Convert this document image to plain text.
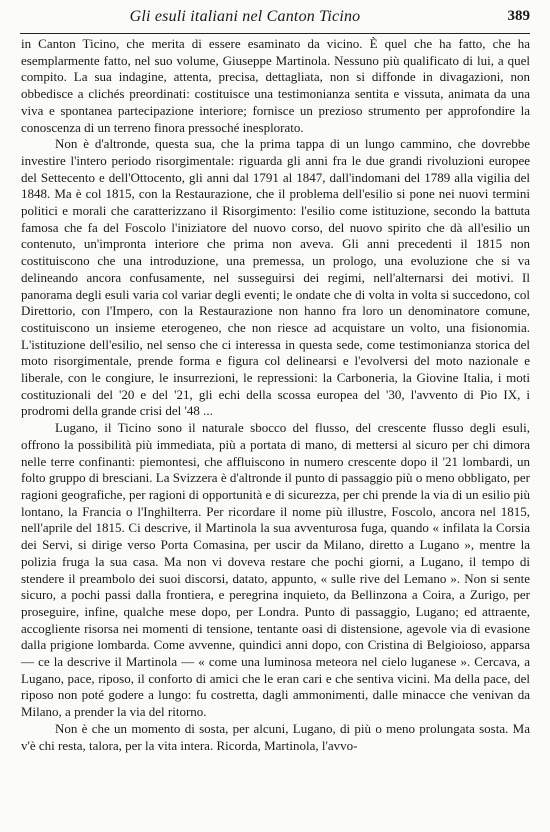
Gli esuli italiani nel Canton Ticino	389

in Canton Ticino, che merita di essere esaminato da vicino. È quel che ha fatto, che ha esemplarmente fatto, nel suo volume, Giuseppe Martinola. Nessuno più qualificato di lui, a quel compito. La sua indagine, attenta, precisa, dettagliata, non si diffonde in divagazioni, non obbedisce a clichés preordinati: costituisce una testimonianza sentita e vissuta, animata da una viva e spontanea partecipazione interiore; fornisce un prezioso strumento per approfondire la conoscenza di un terreno finora pressoché inesplorato.

Non è d'altronde, questa sua, che la prima tappa di un lungo cammino, che dovrebbe investire l'intero periodo risorgimentale: riguarda gli anni fra le due grandi rivoluzioni europee del Settecento e dell'Ottocento, gli anni dal 1791 al 1847, dall'indomani del 1789 alla vigilia del 1848. Ma è col 1815, con la Restaurazione, che il problema dell'esilio si pone nei nuovi termini politici e morali che caratterizzano il Risorgimento: l'esilio come istituzione, secondo la battuta famosa che fa del Foscolo l'iniziatore del nuovo corso, del nuovo spirito che dà all'esilio un contenuto, un'impronta interiore che prima non aveva. Gli anni precedenti il 1815 non costituiscono che una introduzione, una premessa, un prologo, una evoluzione che si va delineando ancora confusamente, nel susseguirsi dei regimi, nell'alternarsi dei motivi. Il panorama degli esuli varia col variar degli eventi; le ondate che di volta in volta si succedono, col Direttorio, con l'Impero, con la Restaurazione non hanno fra loro un denominatore comune, costituiscono un insieme eterogeneo, che non riesce ad acquistare un volto, una fisionomia. L'istituzione dell'esilio, nel senso che ci interessa in questa sede, come testimonianza storica del moto risorgimentale, prende forma e figura col delinearsi e l'evolversi del moto nazionale e liberale, con le congiure, le insurrezioni, le repressioni: la Carboneria, la Giovine Italia, i moti costituzionali del '20 e del '21, gli echi della scossa europea del '30, l'avvento di Pio IX, i prodromi della grande crisi del '48 ...

Lugano, il Ticino sono il naturale sbocco del flusso, del crescente flusso degli esuli, offrono la possibilità più immediata, più a portata di mano, di mettersi al sicuro per chi dimora nelle terre confinanti: piemontesi, che affluiscono in numero crescente dopo il '21 lombardi, un folto gruppo di bresciani. La Svizzera è d'altronde il punto di passaggio più o meno obbligato, per ragioni geografiche, per ragioni di opportunità e di sicurezza, per chi prende la via di un esilio più lontano, la Francia o l'Inghilterra. Per ricordare il nome più illustre, Foscolo, ancora nel 1815, nell'aprile del 1815. Ci descrive, il Martinola la sua avventurosa fuga, quando « infilata la Corsia dei Servi, si dirige verso Porta Comasina, per uscir da Milano, diretto a Lugano », mentre la polizia fruga la sua casa. Ma non vi doveva restare che pochi giorni, a Lugano, il tempo di stendere il preambolo dei suoi discorsi, datato, appunto, « sulle rive del Lemano ». Non si sente sicuro, a pochi passi dalla frontiera, e peregrina inquieto, da Bellinzona a Coira, a Zurigo, per proseguire, infine, qualche mese dopo, per Londra. Punto di passaggio, Lugano; ed attraente, accogliente risorsa nei momenti di tensione, tentante oasi di distensione, agevole via di evasione dalla prigione lombarda. Come avvenne, quindici anni dopo, con Cristina di Belgioioso, apparsa — ce la descrive il Martinola — « come una luminosa meteora nel cielo luganese ». Cercava, a Lugano, pace, riposo, il conforto di amici che le eran cari e che sentiva vicini. Ma della pace, del riposo non poté godere a lungo: fu costretta, dagli ammonimenti, dalle minacce che venivan da Milano, a prender la via del ritorno.

Non è che un momento di sosta, per alcuni, Lugano, di più o meno prolungata sosta. Ma v'è chi resta, talora, per la vita intera. Ricorda, Martinola, l'avvo-
